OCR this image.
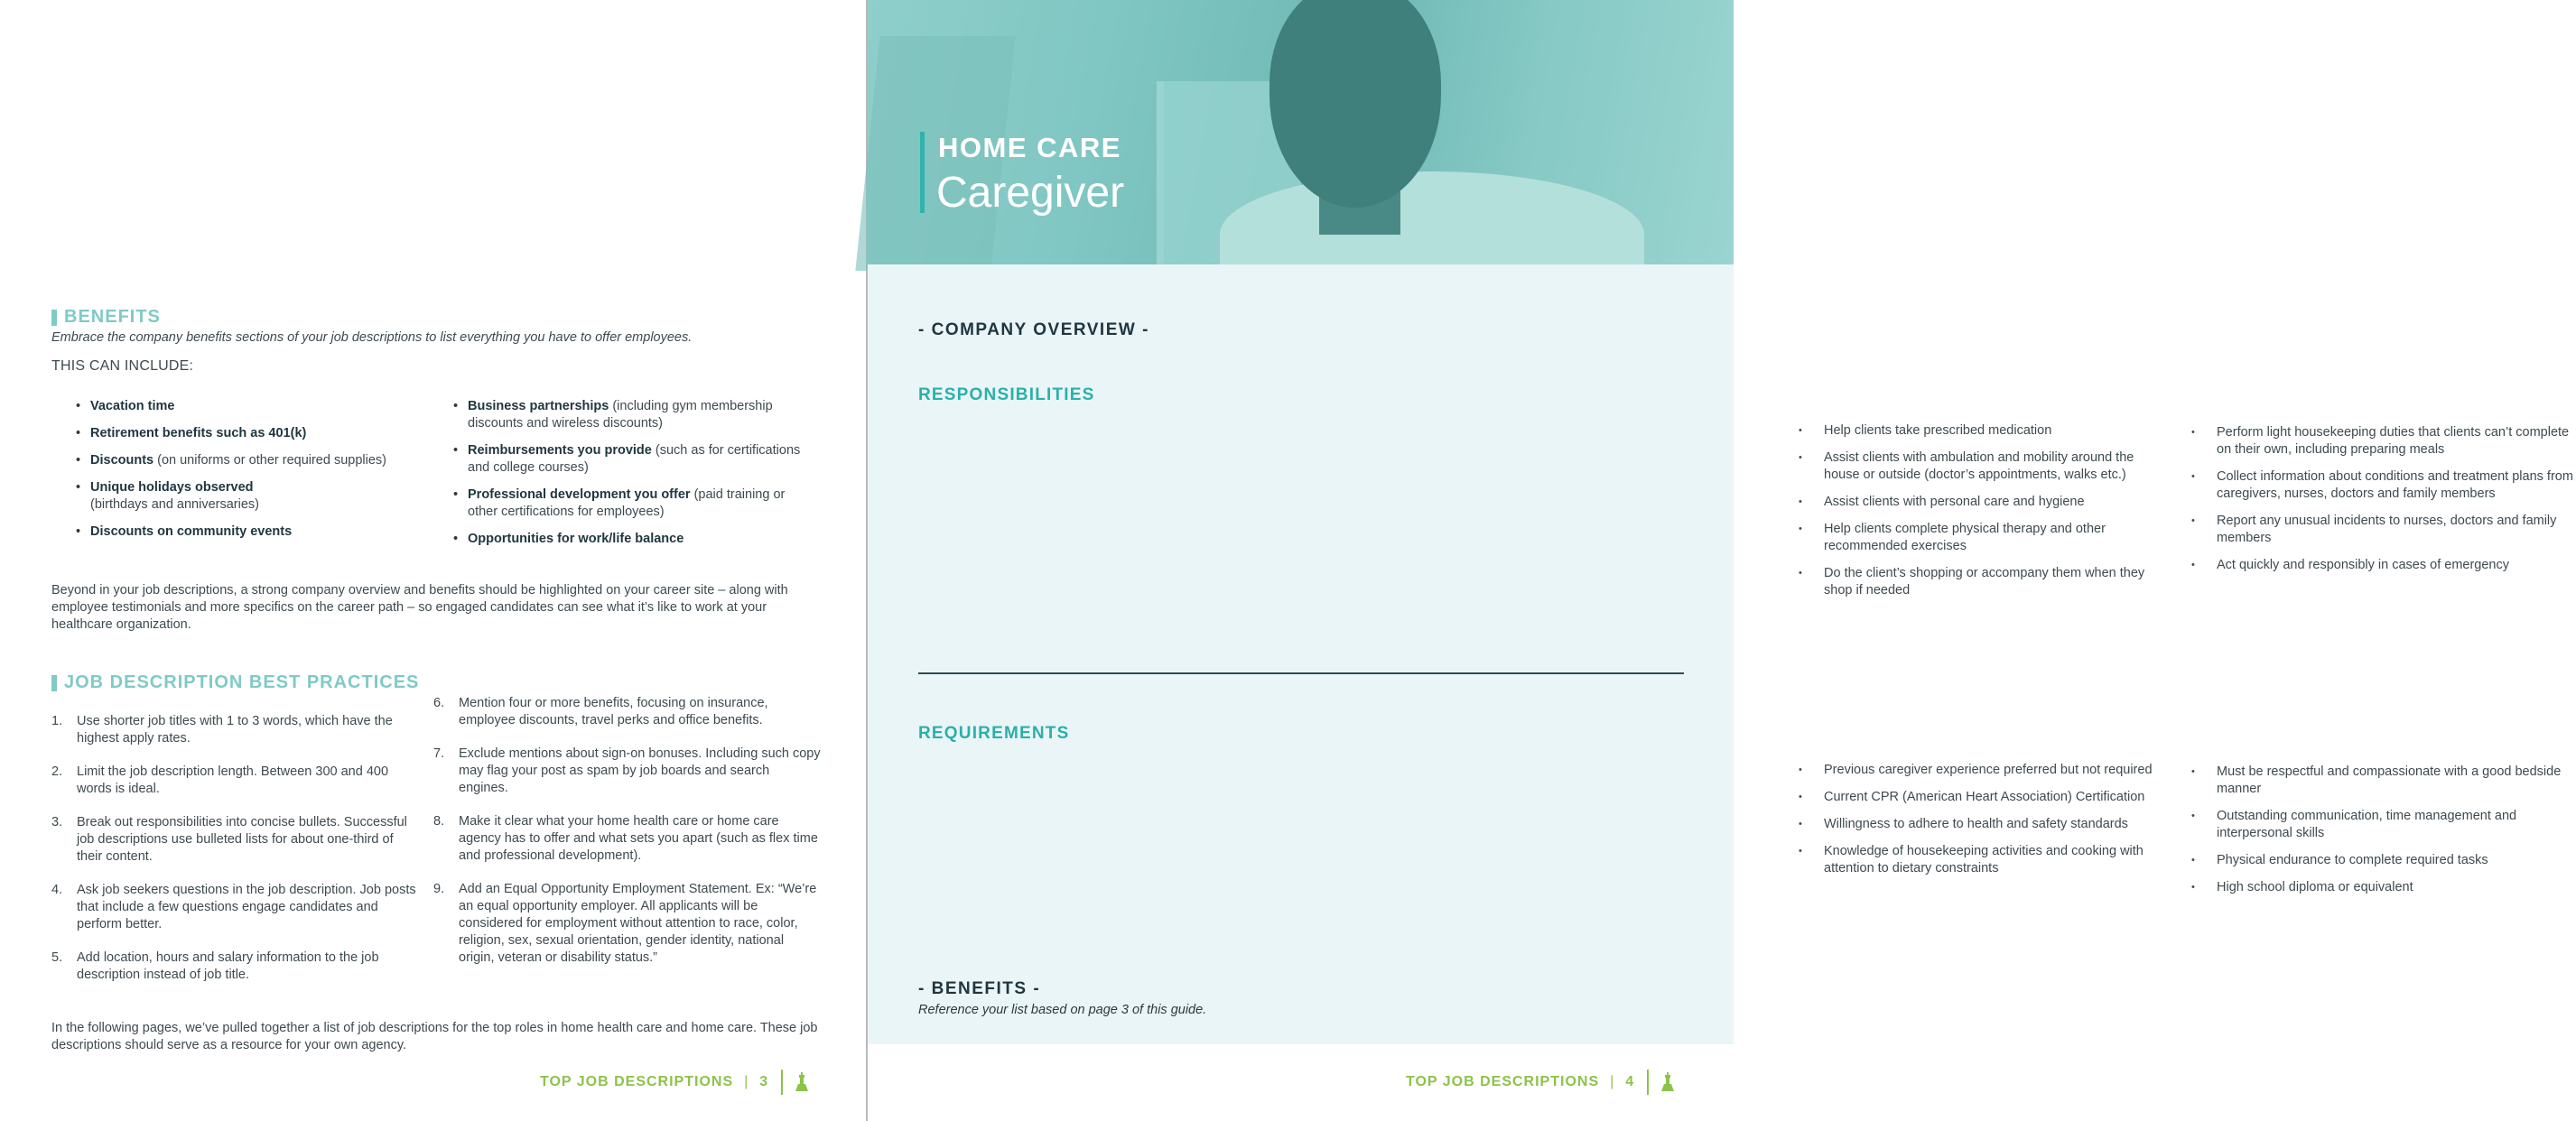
BENEFITS
Embrace the company benefits sections of your job descriptions to list everything you have to offer employees.
THIS CAN INCLUDE:
• Vacation time
• Retirement benefits such as 401(k)
• Discounts (on uniforms or other required supplies)
• Unique holidays observed
(birthdays and anniversaries)
• Discounts on community events
• Business partnerships (including gym membership discounts and wireless discounts)
• Reimbursements you provide (such as for certifications and college courses)
• Professional development you offer (paid training or other certifications for employees)
• Opportunities for work/life balance

Beyond in your job descriptions, a strong company overview and benefits should be highlighted on your career site – along with employee testimonials and more specifics on the career path – so engaged candidates can see what it’s like to work at your healthcare organization.

JOB DESCRIPTION BEST PRACTICES
1. Use shorter job titles with 1 to 3 words, which have the highest apply rates.
2. Limit the job description length. Between 300 and 400 words is ideal.
3. Break out responsibilities into concise bullets. Successful job descriptions use bulleted lists for about one-third of their content.
4. Ask job seekers questions in the job description. Job posts that include a few questions engage candidates and perform better.
5. Add location, hours and salary information to the job description instead of job title.
6. Mention four or more benefits, focusing on insurance, employee discounts, travel perks and office benefits.
7. Exclude mentions about sign-on bonuses. Including such copy may flag your post as spam by job boards and search engines.
8. Make it clear what your home health care or home care agency has to offer and what sets you apart (such as flex time and professional development).
9. Add an Equal Opportunity Employment Statement. Ex: “We’re an equal opportunity employer. All applicants will be considered for employment without attention to race, color, religion, sex, sexual orientation, gender identity, national origin, veteran or disability status.”

In the following pages, we’ve pulled together a list of job descriptions for the top roles in home health care and home care. These job descriptions should serve as a resource for your own agency.

TOP JOB DESCRIPTIONS | 3
HOME CARE
Caregiver
- COMPANY OVERVIEW -
RESPONSIBILITIES
• Help clients take prescribed medication
• Assist clients with ambulation and mobility around the house or outside (doctor’s appointments, walks etc.)
• Assist clients with personal care and hygiene
• Help clients complete physical therapy and other recommended exercises
• Do the client’s shopping or accompany them when they shop if needed
• Perform light housekeeping duties that clients can’t complete on their own, including preparing meals
• Collect information about conditions and treatment plans from caregivers, nurses, doctors and family members
• Report any unusual incidents to nurses, doctors and family members
• Act quickly and responsibly in cases of emergency
REQUIREMENTS
• Previous caregiver experience preferred but not required
• Current CPR (American Heart Association) Certification
• Willingness to adhere to health and safety standards
• Knowledge of housekeeping activities and cooking with attention to dietary constraints
• Must be respectful and compassionate with a good bedside manner
• Outstanding communication, time management and interpersonal skills
• Physical endurance to complete required tasks
• High school diploma or equivalent
- BENEFITS -
Reference your list based on page 3 of this guide.
TOP JOB DESCRIPTIONS | 4
